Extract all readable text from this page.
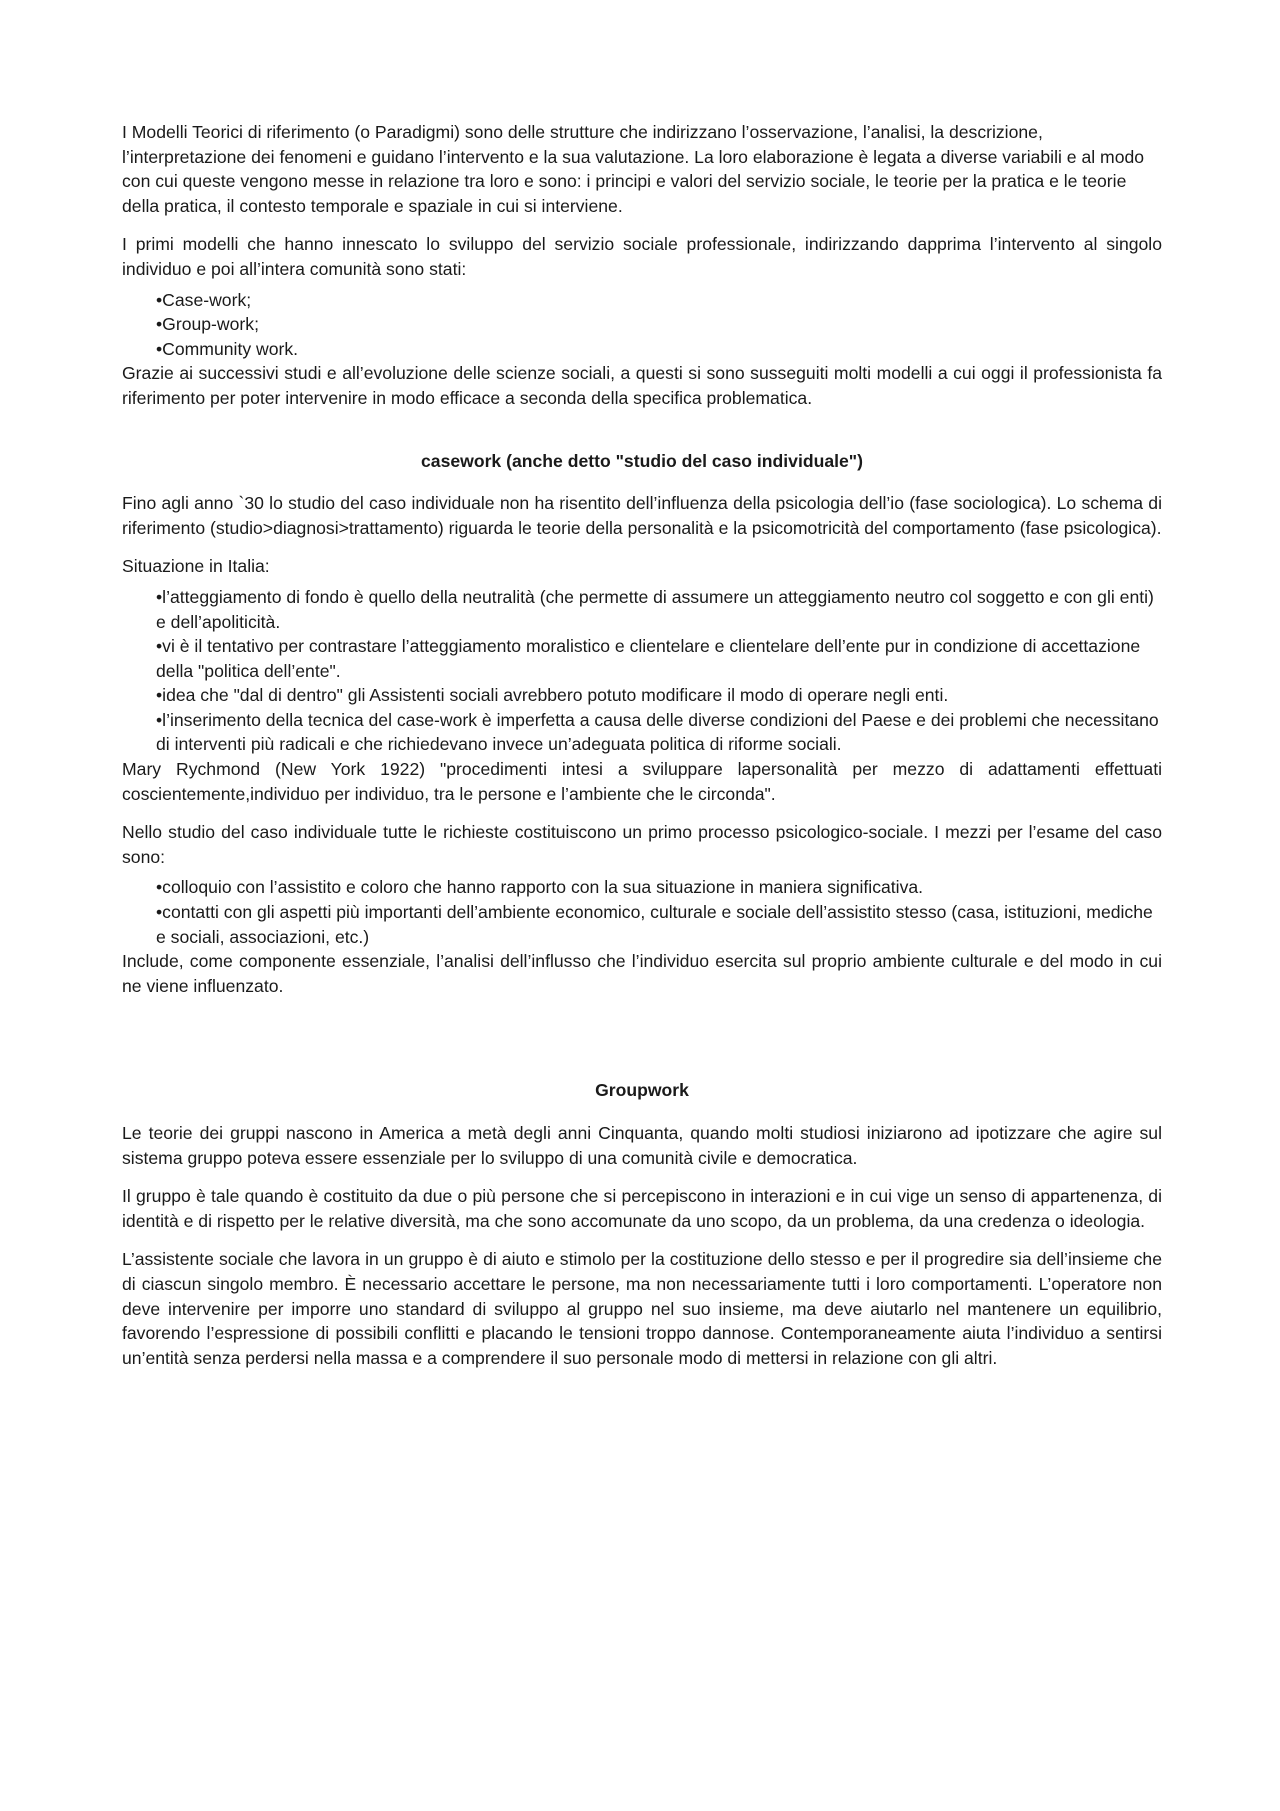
I Modelli Teorici di riferimento (o Paradigmi) sono delle strutture che indirizzano l’osservazione, l’analisi, la descrizione, l’interpretazione dei fenomeni e guidano l’intervento e la sua valutazione. La loro elaborazione è legata a diverse variabili e al modo con cui queste vengono messe in relazione tra loro e sono: i principi e valori del servizio sociale, le teorie per la pratica e le teorie della pratica, il contesto temporale e spaziale in cui si interviene.

I primi modelli che hanno innescato lo sviluppo del servizio sociale professionale, indirizzando dapprima l’intervento al singolo individuo e poi all’intera comunità sono stati:

•Case-work;
•Group-work;
•Community work.

Grazie ai successivi studi e all’evoluzione delle scienze sociali, a questi si sono susseguiti molti modelli a cui oggi il professionista fa riferimento per poter intervenire in modo efficace a seconda della specifica problematica.

casework (anche detto "studio del caso individuale")

Fino agli anno `30 lo studio del caso individuale non ha risentito dell’influenza della psicologia dell’io (fase sociologica). Lo schema di riferimento (studio>diagnosi>trattamento) riguarda le teorie della personalità e la psicomotricità del comportamento (fase psicologica).

Situazione in Italia:

•l’atteggiamento di fondo è quello della neutralità (che permette di assumere un atteggiamento neutro col soggetto e con gli enti) e dell’apoliticità.
•vi è il tentativo per contrastare l’atteggiamento moralistico e clientelare e clientelare dell’ente pur in condizione di accettazione della "politica dell’ente".
•idea che "dal di dentro" gli Assistenti sociali avrebbero potuto modificare il modo di operare negli enti.
•l’inserimento della tecnica del case-work è imperfetta a causa delle diverse condizioni del Paese e dei problemi che necessitano di interventi più radicali e che richiedevano invece un’adeguata politica di riforme sociali.

Mary Rychmond (New York 1922) "procedimenti intesi a sviluppare lapersonalità per mezzo di adattamenti effettuati coscientemente,individuo per individuo, tra le persone e l’ambiente che le circonda".

Nello studio del caso individuale tutte le richieste costituiscono un primo processo psicologico-sociale. I mezzi per l’esame del caso sono:

•colloquio con l’assistito e coloro che hanno rapporto con la sua situazione in maniera significativa.
•contatti con gli aspetti più importanti dell’ambiente economico, culturale e sociale dell’assistito stesso (casa, istituzioni, mediche e sociali, associazioni, etc.)

Include, come componente essenziale, l’analisi dell’influsso che l’individuo esercita sul proprio ambiente culturale e del modo in cui ne viene influenzato.

Groupwork

Le teorie dei gruppi nascono in America a metà degli anni Cinquanta, quando molti studiosi iniziarono ad ipotizzare che agire sul sistema gruppo poteva essere essenziale per lo sviluppo di una comunità civile e democratica.

Il gruppo è tale quando è costituito da due o più persone che si percepiscono in interazioni e in cui vige un senso di appartenenza, di identità e di rispetto per le relative diversità, ma che sono accomunate da uno scopo, da un problema, da una credenza o ideologia.

L’assistente sociale che lavora in un gruppo è di aiuto e stimolo per la costituzione dello stesso e per il progredire sia dell’insieme che di ciascun singolo membro. È necessario accettare le persone, ma non necessariamente tutti i loro comportamenti. L’operatore non deve intervenire per imporre uno standard di sviluppo al gruppo nel suo insieme, ma deve aiutarlo nel mantenere un equilibrio, favorendo l’espressione di possibili conflitti e placando le tensioni troppo dannose. Contemporaneamente aiuta l’individuo a sentirsi un’entità senza perdersi nella massa e a comprendere il suo personale modo di mettersi in relazione con gli altri.
